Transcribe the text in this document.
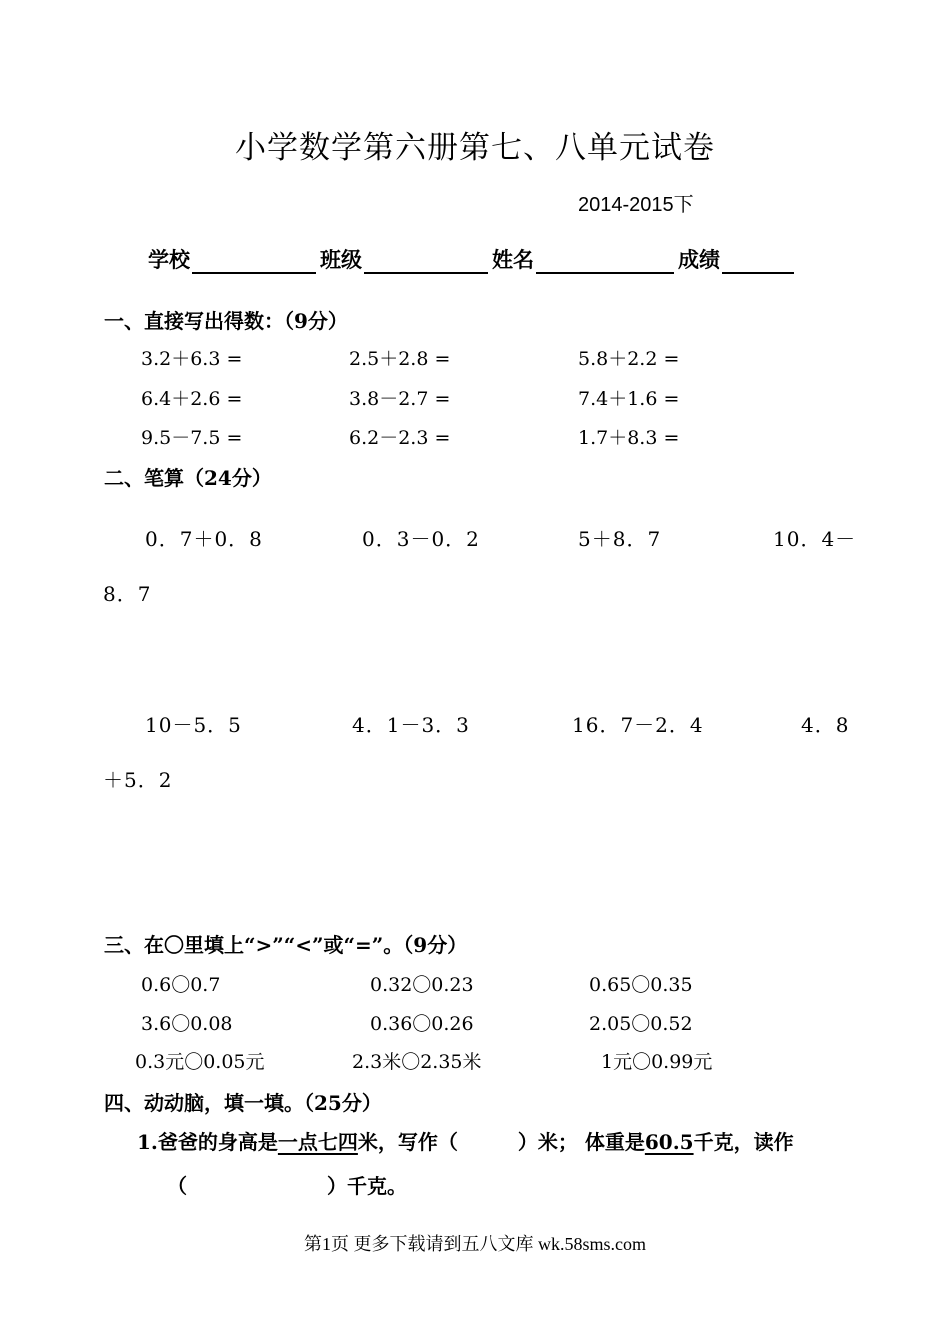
小学数学第六册第七、八单元试卷
2014-2015下
学校	班级	姓名	成绩
一、直接写出得数：（9分）
3.2＋6.3 =	2.5＋2.8 =	5.8＋2.2 =
6.4＋2.6 =	3.8－2.7 =	7.4＋1.6 =
9.5－7.5 =	6.2－2.3 =	1.7＋8.3 =
二、笔算（24分）
0．7＋0．8	0．3－0．2	5＋8．7	10．4－
8．7
10－5．5	4．1－3．3	16．7－2．4	4．8
＋5．2
三、在〇里填上“>”“<”或“=”。（9分）
0.6〇0.7	0.32〇0.23	0.65〇0.35
3.6〇0.08	0.36〇0.26	2.05〇0.52
0.3元〇0.05元	2.3米〇2.35米	1元〇0.99元
四、动动脑，填一填。（25分）
1.爸爸的身高是一点七四米，写作（　　　）米； 体重是60.5千克，读作
（　　　　　　　）千克。
第1页 更多下载请到五八文库 wk.58sms.com
